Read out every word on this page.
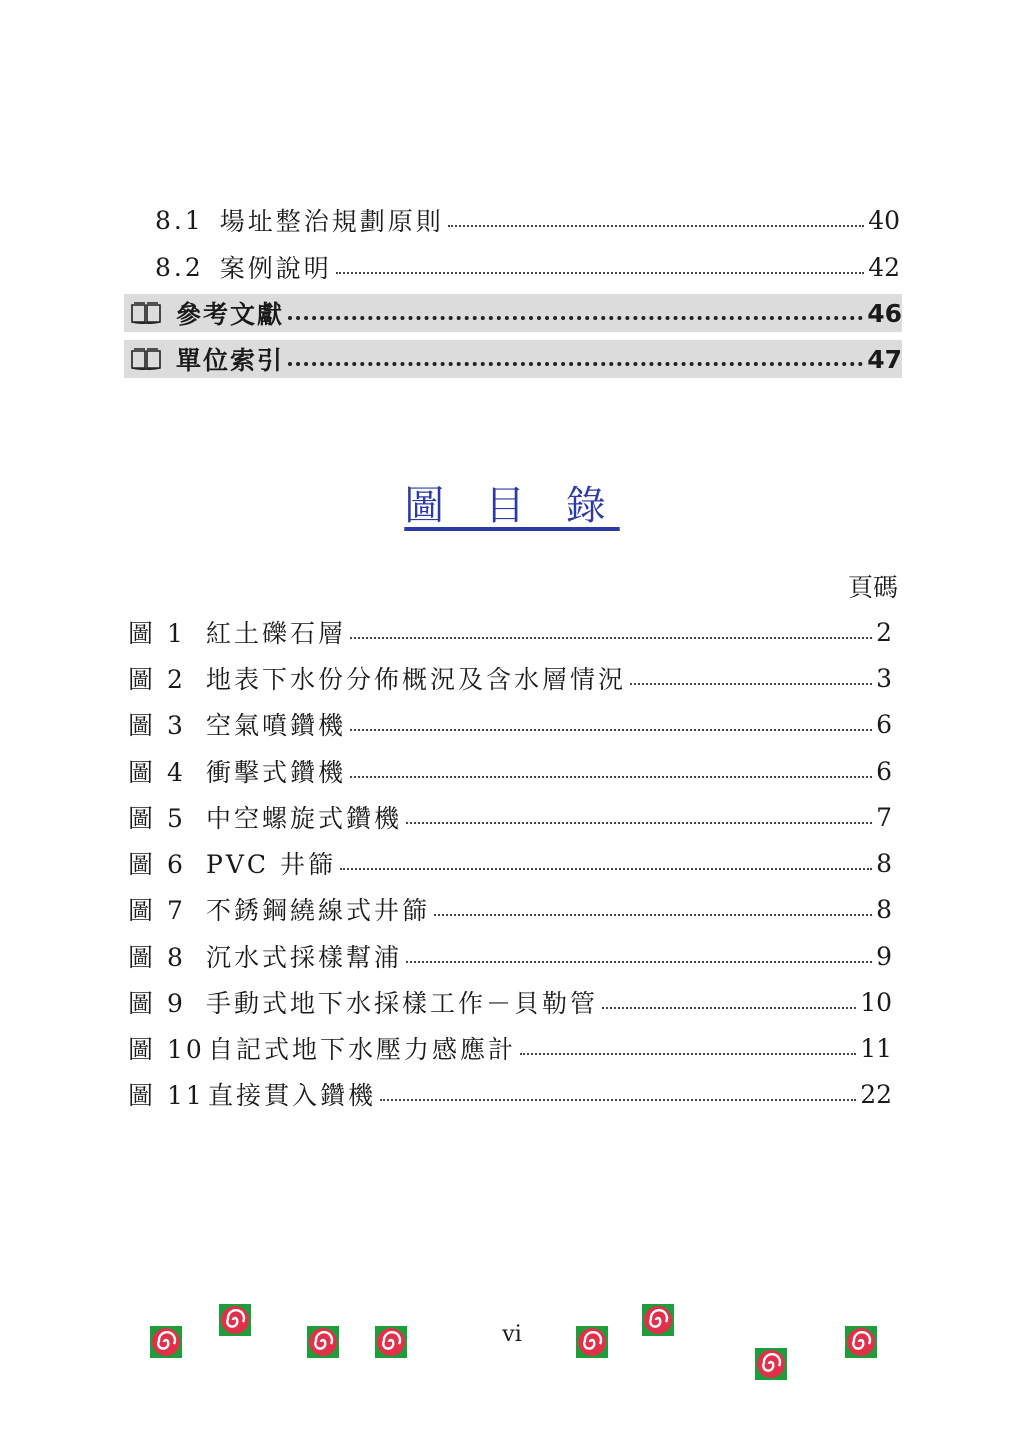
8.1 場址整治規劃原則	40
8.2 案例說明	42
參考文獻	46
單位索引	47
圖 目 錄
頁碼
圖 1 紅土礫石層	2
圖 2 地表下水份分佈概況及含水層情況	3
圖 3 空氣噴鑽機	6
圖 4 衝擊式鑽機	6
圖 5 中空螺旋式鑽機	7
圖 6 PVC 井篩	8
圖 7 不銹鋼繞線式井篩	8
圖 8 沉水式採樣幫浦	9
圖 9 手動式地下水採樣工作－貝勒管	10
圖 10 自記式地下水壓力感應計	11
圖 11 直接貫入鑽機	22
vi
